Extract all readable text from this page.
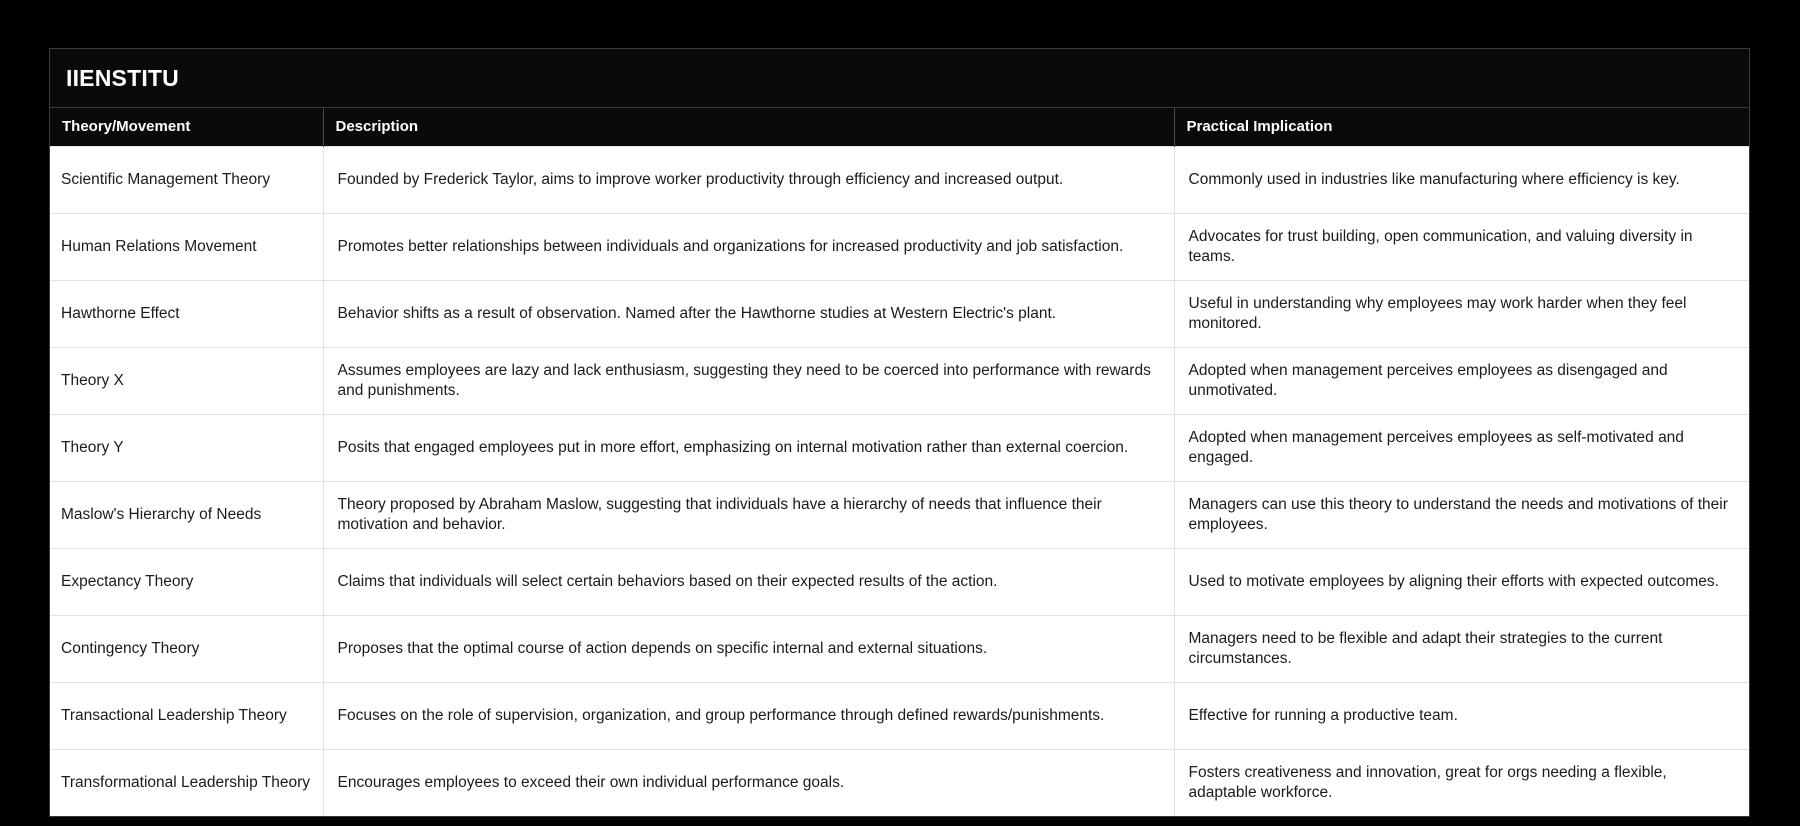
IIENSTITU
Theory/Movement	Description	Practical Implication
Scientific Management Theory	Founded by Frederick Taylor, aims to improve worker productivity through efficiency and increased output.	Commonly used in industries like manufacturing where efficiency is key.
Human Relations Movement	Promotes better relationships between individuals and organizations for increased productivity and job satisfaction.	Advocates for trust building, open communication, and valuing diversity in teams.
Hawthorne Effect	Behavior shifts as a result of observation. Named after the Hawthorne studies at Western Electric's plant.	Useful in understanding why employees may work harder when they feel monitored.
Theory X	Assumes employees are lazy and lack enthusiasm, suggesting they need to be coerced into performance with rewards and punishments.	Adopted when management perceives employees as disengaged and unmotivated.
Theory Y	Posits that engaged employees put in more effort, emphasizing on internal motivation rather than external coercion.	Adopted when management perceives employees as self-motivated and engaged.
Maslow's Hierarchy of Needs	Theory proposed by Abraham Maslow, suggesting that individuals have a hierarchy of needs that influence their motivation and behavior.	Managers can use this theory to understand the needs and motivations of their employees.
Expectancy Theory	Claims that individuals will select certain behaviors based on their expected results of the action.	Used to motivate employees by aligning their efforts with expected outcomes.
Contingency Theory	Proposes that the optimal course of action depends on specific internal and external situations.	Managers need to be flexible and adapt their strategies to the current circumstances.
Transactional Leadership Theory	Focuses on the role of supervision, organization, and group performance through defined rewards/punishments.	Effective for running a productive team.
Transformational Leadership Theory	Encourages employees to exceed their own individual performance goals.	Fosters creativeness and innovation, great for orgs needing a flexible, adaptable workforce.
